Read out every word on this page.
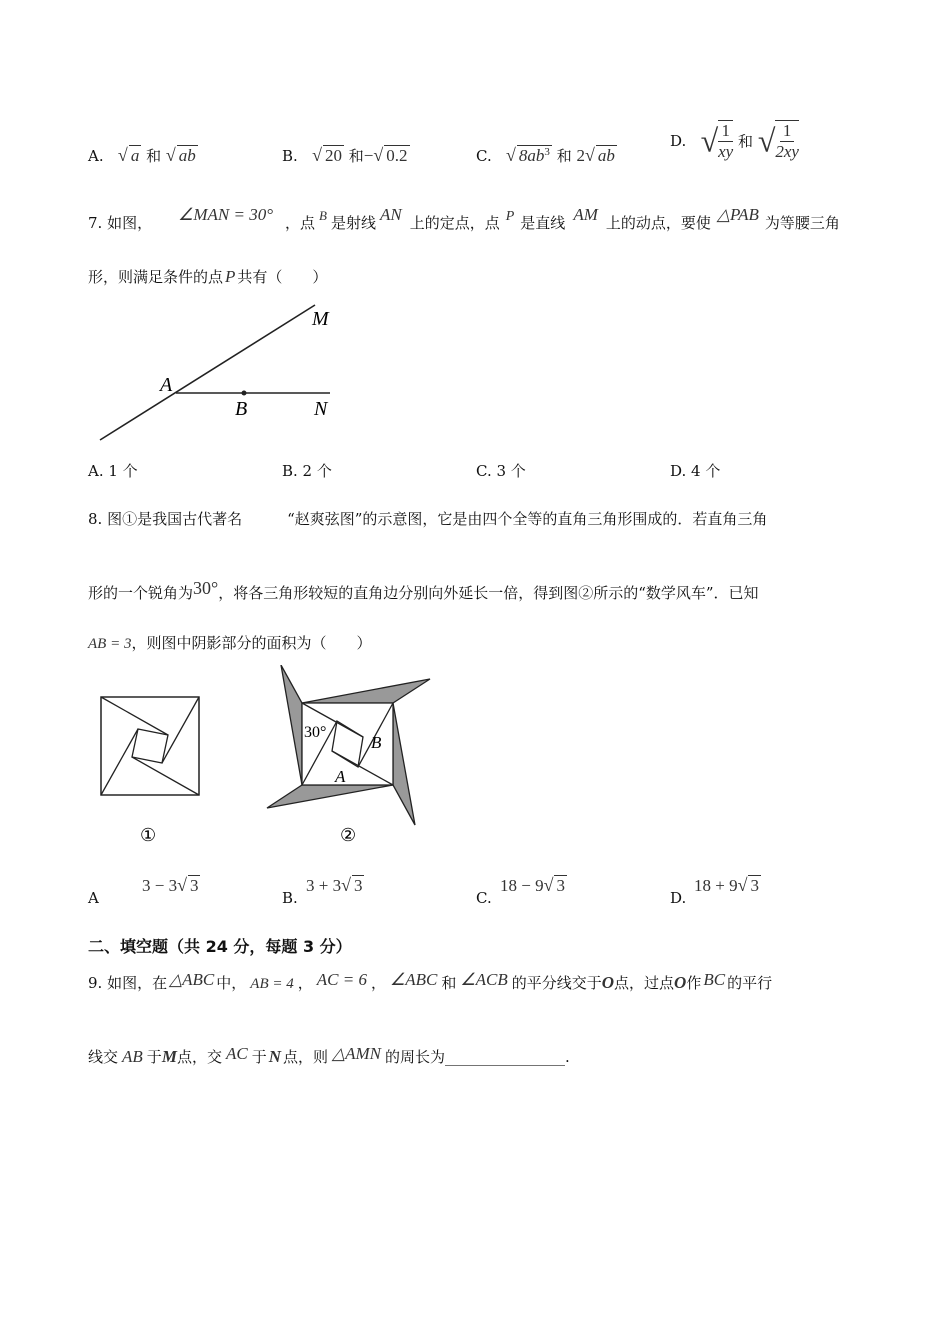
A. √ a 和 √ ab	B. √ 20 和−√ 0.2	C. √ $8ab^3$ 和 2√ ab
D. √ $\frac{1}{xy}$ 和 √ $\frac{1}{2xy}$
7. 如图， ∠MAN = 30° ，点 B 是射线 AN 上的定点，点 P 是直线 AM 上的动点，要使 △PAB 为等腰三角
形，则满足条件的点 P 共有（　　）
M
A
B	N
A. 1 个	B. 2 个	C. 3 个	D. 4 个
8. 图①是我国古代著名　　　“赵爽弦图”的示意图，它是由四个全等的直角三角形围成的．若直角三角
形的一个锐角为30°，将各三角形较短的直角边分别向外延长一倍，得到图②所示的“数学风车”．已知
AB = 3，则图中阴影部分的面积为（　　）
①
30°
B
A
②
A
3 − 3√ 3
B.
3 + 3√ 3
C.
18 − 9√ 3
D.
18 + 9√ 3
二、填空题（共 24 分，每题 3 分）
9. 如图，在 △ABC 中， AB = 4 ， AC = 6 ， ∠ABC 和 ∠ACB 的平分线交于O点，过点O作 BC 的平行
线交 AB 于M点，交 AC 于 N 点，则 △AMN 的周长为________________.
